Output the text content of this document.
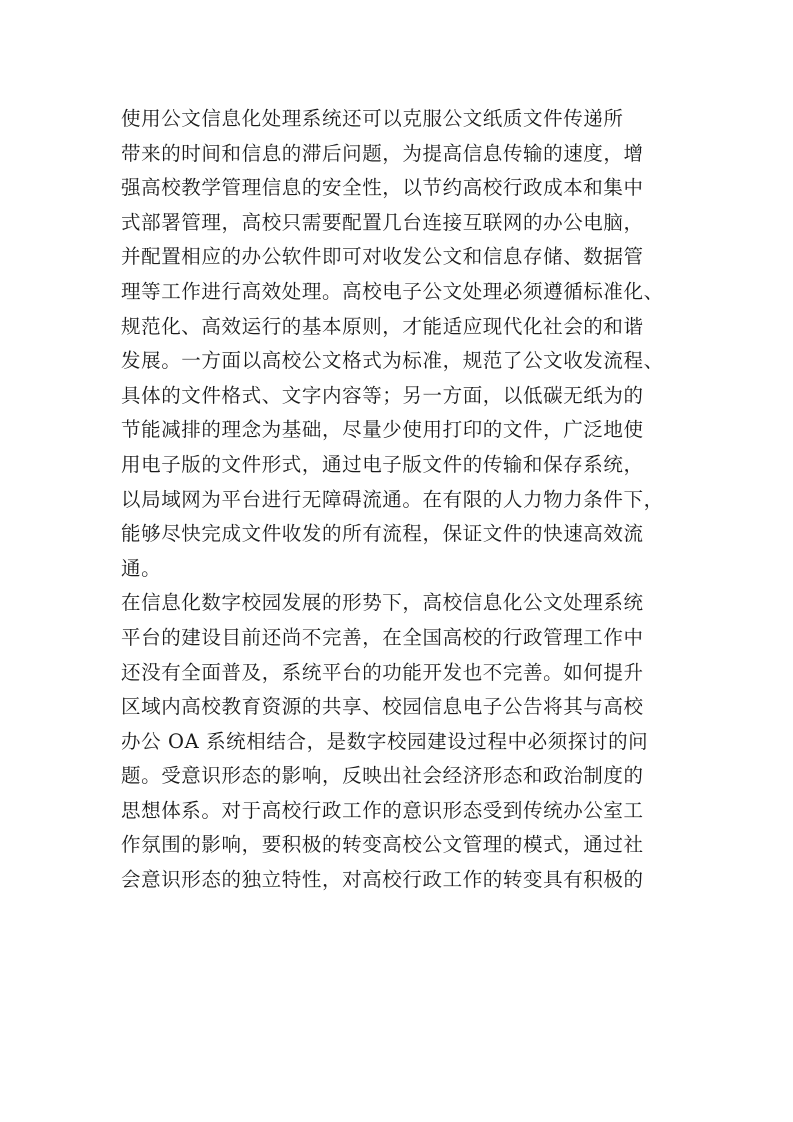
使用公文信息化处理系统还可以克服公文纸质文件传递所
带来的时间和信息的滞后问题，为提高信息传输的速度，增
强高校教学管理信息的安全性，以节约高校行政成本和集中
式部署管理，高校只需要配置几台连接互联网的办公电脑，
并配置相应的办公软件即可对收发公文和信息存储、数据管
理等工作进行高效处理。高校电子公文处理必须遵循标准化、
规范化、高效运行的基本原则，才能适应现代化社会的和谐
发展。一方面以高校公文格式为标准，规范了公文收发流程、
具体的文件格式、文字内容等；另一方面，以低碳无纸为的
节能减排的理念为基础，尽量少使用打印的文件，广泛地使
用电子版的文件形式，通过电子版文件的传输和保存系统，
以局域网为平台进行无障碍流通。在有限的人力物力条件下，
能够尽快完成文件收发的所有流程，保证文件的快速高效流
通。
在信息化数字校园发展的形势下，高校信息化公文处理系统
平台的建设目前还尚不完善，在全国高校的行政管理工作中
还没有全面普及，系统平台的功能开发也不完善。如何提升
区域内高校教育资源的共享、校园信息电子公告将其与高校
办公 OA 系统相结合，是数字校园建设过程中必须探讨的问
题。受意识形态的影响，反映出社会经济形态和政治制度的
思想体系。对于高校行政工作的意识形态受到传统办公室工
作氛围的影响，要积极的转变高校公文管理的模式，通过社
会意识形态的独立特性，对高校行政工作的转变具有积极的
